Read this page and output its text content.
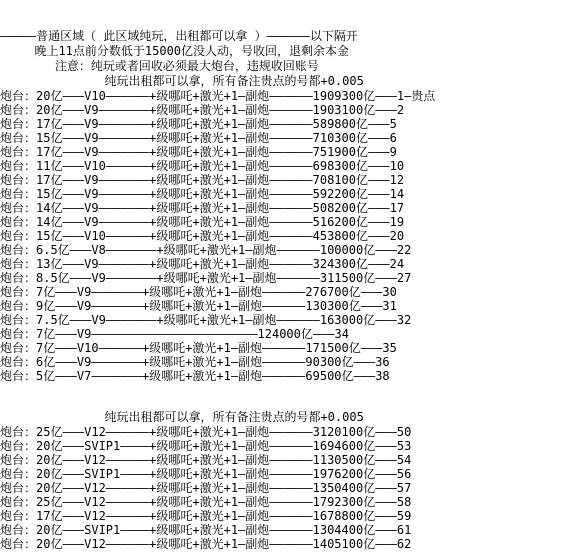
—————普通区域（ 此区域纯玩，出租都可以拿 ）——————以下隔开
晚上11点前分数低于15000亿没人动，号收回，退剩余本金
注意：纯玩或者回收必须最大炮台，违规收回账号
纯玩出租都可以拿，所有备注贵点的号都+0.005
炮台：20亿———V10——————+级哪吒+激光+1—副炮——————1909300亿———1—贵点
炮台：20亿———V9———————+级哪吒+激光+1—副炮——————1903100亿———2
炮台：17亿———V9———————+级哪吒+激光+1—副炮——————589800亿———5
炮台：15亿———V9———————+级哪吒+激光+1—副炮——————710300亿———6
炮台：17亿———V9———————+级哪吒+激光+1—副炮——————751900亿———9
炮台：11亿———V10——————+级哪吒+激光+1—副炮——————698300亿———10
炮台：17亿———V9———————+级哪吒+激光+1—副炮——————708100亿———12
炮台：15亿———V9———————+级哪吒+激光+1—副炮——————592200亿———14
炮台：14亿———V9———————+级哪吒+激光+1—副炮——————508200亿———17
炮台：14亿———V9———————+级哪吒+激光+1—副炮——————516200亿———19
炮台：15亿———V10——————+级哪吒+激光+1—副炮——————453800亿———20
炮台：6.5亿———V8———————+级哪吒+激光+1—副炮——————100000亿———22
炮台：13亿———V9———————+级哪吒+激光+1—副炮——————324300亿———24
炮台：8.5亿———V9———————+级哪吒+激光+1—副炮——————311500亿———27
炮台：7亿———V9———————+级哪吒+激光+1—副炮——————276700亿———30
炮台：9亿———V9———————+级哪吒+激光+1—副炮——————130300亿———31
炮台：7.5亿———V9———————+级哪吒+激光+1—副炮——————163000亿———32
炮台：7亿———V9———————————————————————124000亿———34
炮台：7亿———V10——————+级哪吒+激光+1—副炮——————171500亿———35
炮台：6亿———V9———————+级哪吒+激光+1—副炮——————90300亿———36
炮台：5亿———V7———————+级哪吒+激光+1—副炮——————69500亿———38
纯玩出租都可以拿，所有备注贵点的号都+0.005
炮台：25亿———V12——————+级哪吒+激光+1—副炮——————3120100亿———50
炮台：20亿———SVIP1————+级哪吒+激光+1—副炮——————1694600亿———53
炮台：20亿———V12——————+级哪吒+激光+1—副炮——————1130500亿———54
炮台：20亿———SVIP1————+级哪吒+激光+1—副炮——————1976200亿———56
炮台：20亿———V12——————+级哪吒+激光+1—副炮——————1350400亿———57
炮台：25亿———V12——————+级哪吒+激光+1—副炮——————1792300亿———58
炮台：17亿———V12——————+级哪吒+激光+1—副炮——————1678800亿———59
炮台：20亿———SVIP1————+级哪吒+激光+1—副炮——————1304400亿———61
炮台：20亿———V12——————+级哪吒+激光+1—副炮——————1405100亿———62
